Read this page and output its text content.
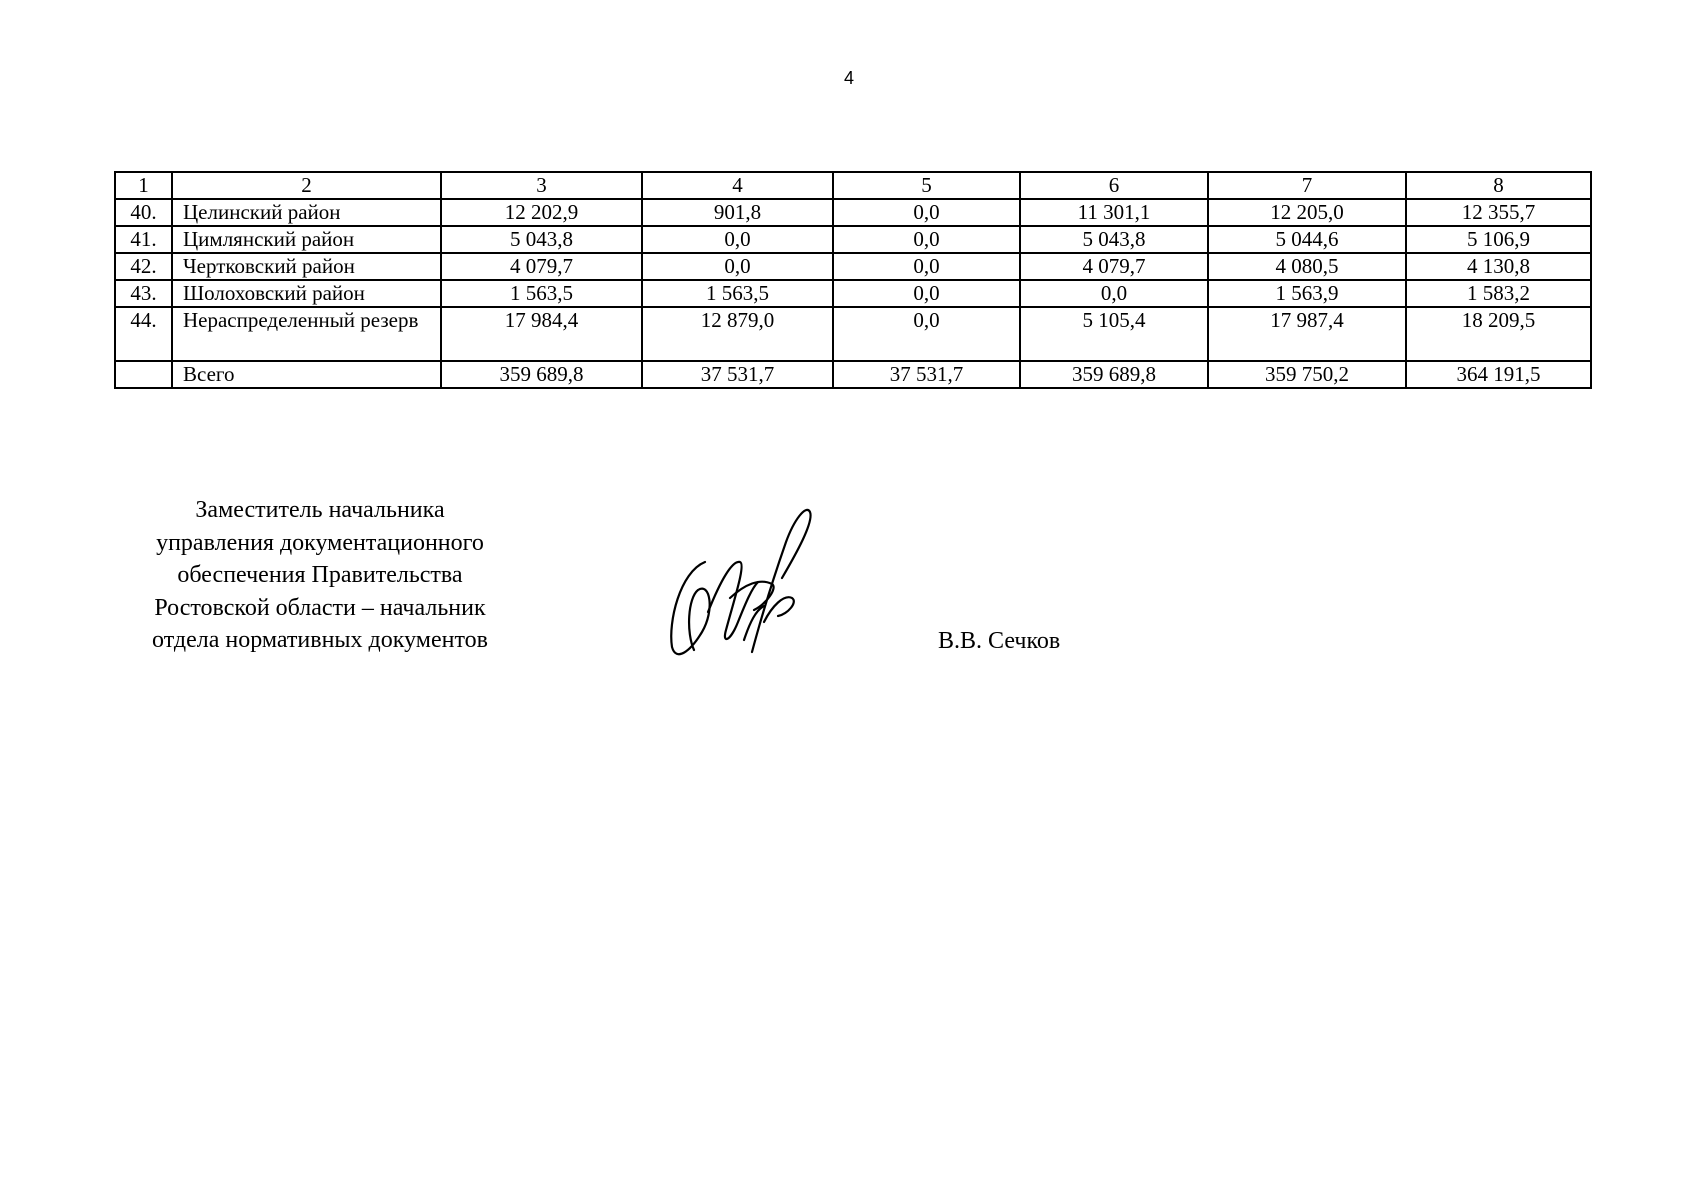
4
1	2	3	4	5	6	7	8
40.	Целинский район	12 202,9	901,8	0,0	11 301,1	12 205,0	12 355,7
41.	Цимлянский район	5 043,8	0,0	0,0	5 043,8	5 044,6	5 106,9
42.	Чертковский район	4 079,7	0,0	0,0	4 079,7	4 080,5	4 130,8
43.	Шолоховский район	1 563,5	1 563,5	0,0	0,0	1 563,9	1 583,2
44.	Нераспределенный резерв	17 984,4	12 879,0	0,0	5 105,4	17 987,4	18 209,5
	Всего	359 689,8	37 531,7	37 531,7	359 689,8	359 750,2	364 191,5
Заместитель начальника
управления документационного
обеспечения Правительства
Ростовской области – начальник
отдела нормативных документов	В.В. Сечков
